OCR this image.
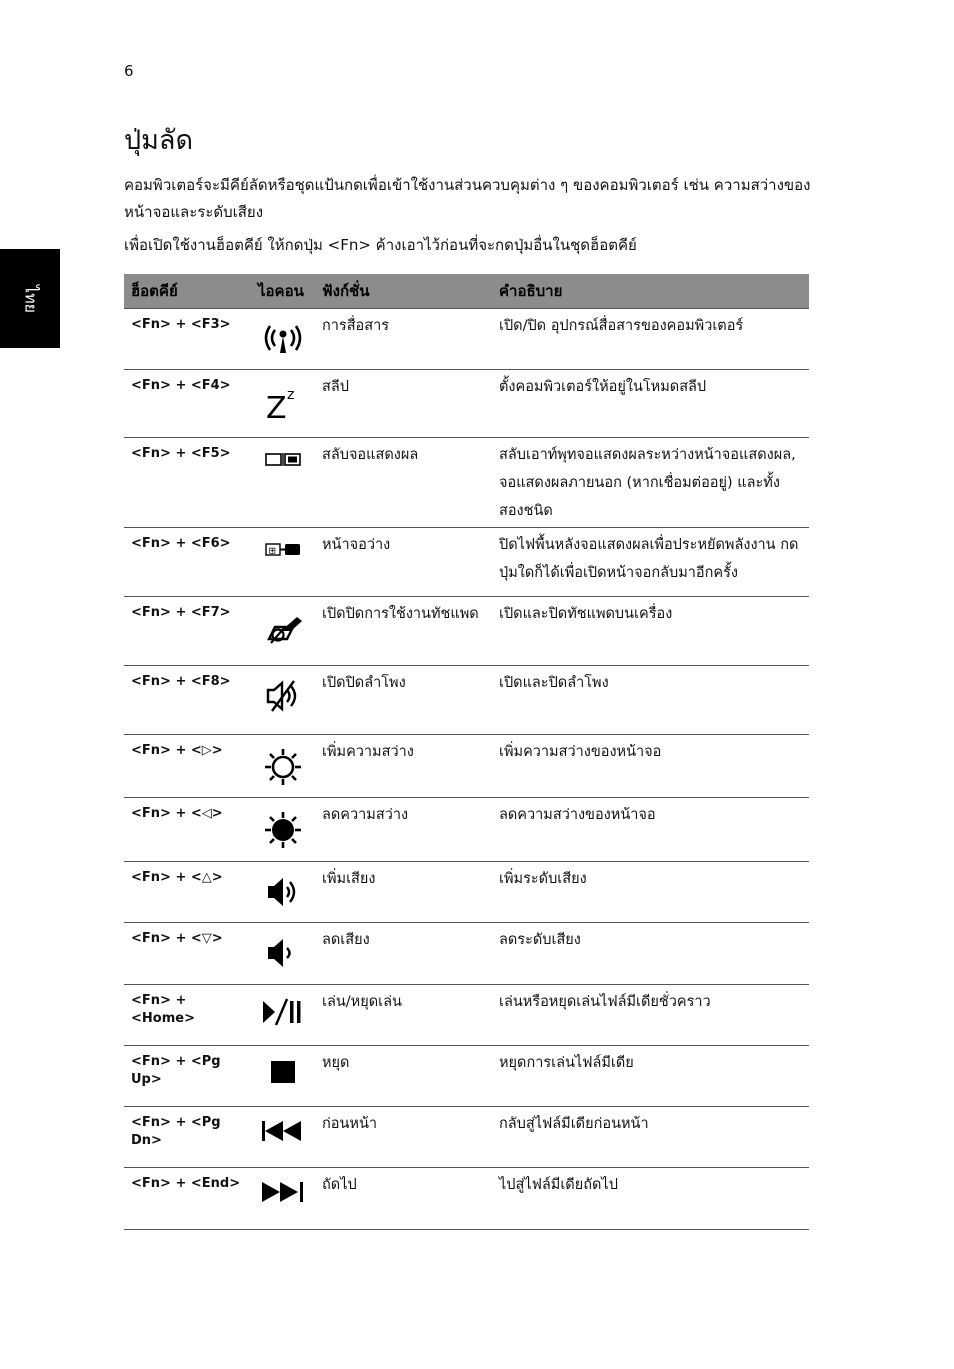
6
ไทย
ปุ่มลัด

คอมพิวเตอร์จะมีคีย์ลัดหรือชุดแป้นกดเพื่อเข้าใช้งานส่วนควบคุมต่าง ๆ ของคอมพิวเตอร์ เช่น ความสว่างของหน้าจอและระดับเสียง

เพื่อเปิดใช้งานฮ็อตคีย์ ให้กดปุ่ม <Fn> ค้างเอาไว้ก่อนที่จะกดปุ่มอื่นในชุดฮ็อตคีย์

ฮ็อตคีย์	ไอคอน	ฟังก์ชั่น	คำอธิบาย
<Fn> + <F3>		การสื่อสาร	เปิด/ปิด อุปกรณ์สื่อสารของคอมพิวเตอร์
<Fn> + <F4>	Z z	สลีป	ตั้งคอมพิวเตอร์ให้อยู่ในโหมดสลีป
<Fn> + <F5>		สลับจอแสดงผล	สลับเอาท์พุทจอแสดงผลระหว่างหน้าจอแสดงผล, จอแสดงผลภายนอก (หากเชื่อมต่ออยู่) และทั้งสองชนิด
<Fn> + <F6>	⊞	หน้าจอว่าง	ปิดไฟพื้นหลังจอแสดงผลเพื่อประหยัดพลังงาน กดปุ่มใดก็ได้เพื่อเปิดหน้าจอกลับมาอีกครั้ง
<Fn> + <F7>		เปิดปิดการใช้งานทัชแพด	เปิดและปิดทัชแพดบนเครื่อง
<Fn> + <F8>		เปิดปิดลำโพง	เปิดและปิดลำโพง
<Fn> + <▷>		เพิ่มความสว่าง	เพิ่มความสว่างของหน้าจอ
<Fn> + <◁>		ลดความสว่าง	ลดความสว่างของหน้าจอ
<Fn> + <△>		เพิ่มเสียง	เพิ่มระดับเสียง
<Fn> + <▽>		ลดเสียง	ลดระดับเสียง
<Fn> + <Home>		เล่น/หยุดเล่น	เล่นหรือหยุดเล่นไฟล์มีเดียชั่วคราว
<Fn> + <Pg Up>		หยุด	หยุดการเล่นไฟล์มีเดีย
<Fn> + <Pg Dn>		ก่อนหน้า	กลับสู่ไฟล์มีเดียก่อนหน้า
<Fn> + <End>		ถัดไป	ไปสู่ไฟล์มีเดียถัดไป
